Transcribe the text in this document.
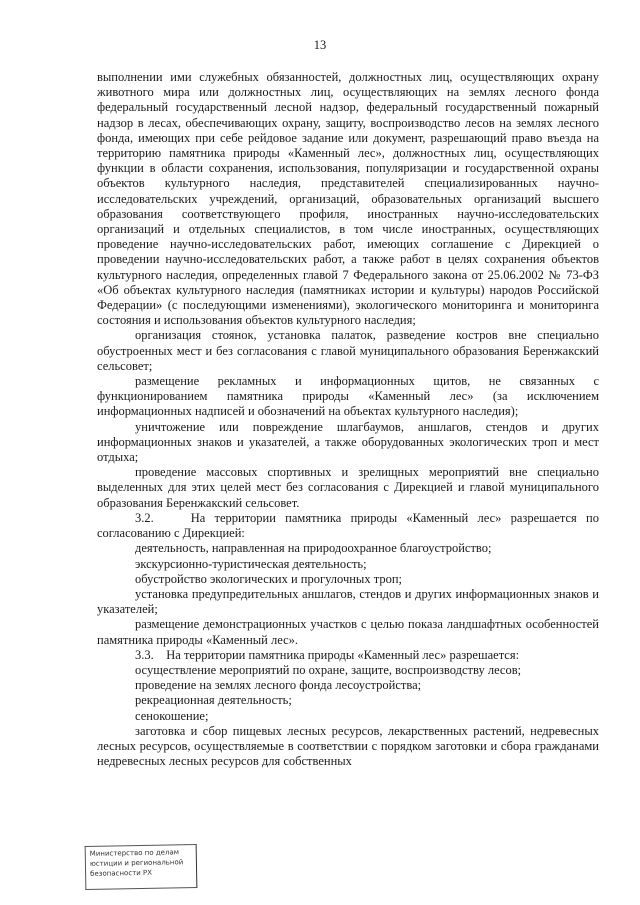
13

выполнении ими служебных обязанностей, должностных лиц, осуществляющих охрану животного мира или должностных лиц, осуществляющих на землях лесного фонда федеральный государственный лесной надзор, федеральный государственный пожарный надзор в лесах, обеспечивающих охрану, защиту, воспроизводство лесов на землях лесного фонда, имеющих при себе рейдовое задание или документ, разрешающий право въезда на территорию памятника природы «Каменный лес», должностных лиц, осуществляющих функции в области сохранения, использования, популяризации и государственной охраны объектов культурного наследия, представителей специализированных научно-исследовательских учреждений, организаций, образовательных организаций высшего образования соответствующего профиля, иностранных научно-исследовательских организаций и отдельных специалистов, в том числе иностранных, осуществляющих проведение научно-исследовательских работ, имеющих соглашение с Дирекцией о проведении научно-исследовательских работ, а также работ в целях сохранения объектов культурного наследия, определенных главой 7 Федерального закона от 25.06.2002 № 73-ФЗ «Об объектах культурного наследия (памятниках истории и культуры) народов Российской Федерации» (с последующими изменениями), экологического мониторинга и мониторинга состояния и использования объектов культурного наследия;

организация стоянок, установка палаток, разведение костров вне специально обустроенных мест и без согласования с главой муниципального образования Беренжакский сельсовет;

размещение рекламных и информационных щитов, не связанных с функционированием памятника природы «Каменный лес» (за исключением информационных надписей и обозначений на объектах культурного наследия);

уничтожение или повреждение шлагбаумов, аншлагов, стендов и других информационных знаков и указателей, а также оборудованных экологических троп и мест отдыха;

проведение массовых спортивных и зрелищных мероприятий вне специально выделенных для этих целей мест без согласования с Дирекцией и главой муниципального образования Беренжакский сельсовет.

3.2.    На территории памятника природы «Каменный лес» разрешается по согласованию с Дирекцией:

деятельность, направленная на природоохранное благоустройство;

экскурсионно-туристическая деятельность;

обустройство экологических и прогулочных троп;

установка предупредительных аншлагов, стендов и других информационных знаков и указателей;

размещение демонстрационных участков с целью показа ландшафтных особенностей памятника природы «Каменный лес».

3.3.    На территории памятника природы «Каменный лес» разрешается:

осуществление мероприятий по охране, защите, воспроизводству лесов;

проведение на землях лесного фонда лесоустройства;

рекреационная деятельность;

сенокошение;

заготовка и сбор пищевых лесных ресурсов, лекарственных растений, недревесных лесных ресурсов, осуществляемые в соответствии с порядком заготовки и сбора гражданами недревесных лесных ресурсов для собственных

Министерство по делам
юстиции и региональной
безопасности РХ
